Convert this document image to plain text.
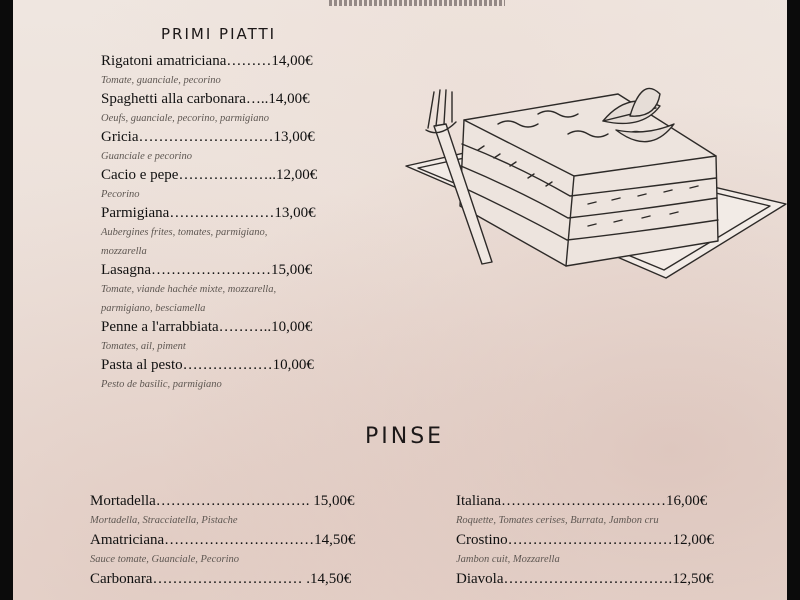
PRIMI PIATTI
Rigatoni amatriciana………14,00€
Tomate, guanciale, pecorino
Spaghetti alla carbonara…..14,00€
Oeufs, guanciale, pecorino, parmigiano
Gricia………………………13,00€
Guanciale e pecorino
Cacio e pepe………………..12,00€
Pecorino
Parmigiana…………………13,00€
Aubergines frites, tomates, parmigiano,
mozzarella
Lasagna……………………15,00€
Tomate, viande hachée mixte, mozzarella,
parmigiano, besciamella
Penne a l'arrabbiata………..10,00€
Tomates, ail, piment
Pasta al pesto………………10,00€
Pesto de basilic, parmigiano
PINSE
Mortadella…………………………. 15,00€
Mortadella, Stracciatella, Pistache
Amatriciana…………………………14,50€
Sauce tomate, Guanciale, Pecorino
Carbonara………………………… .14,50€
Italiana……………………………16,00€
Roquette, Tomates cerises, Burrata, Jambon cru
Crostino……………………………12,00€
Jambon cuit, Mozzarella
Diavola…………………………….12,50€
